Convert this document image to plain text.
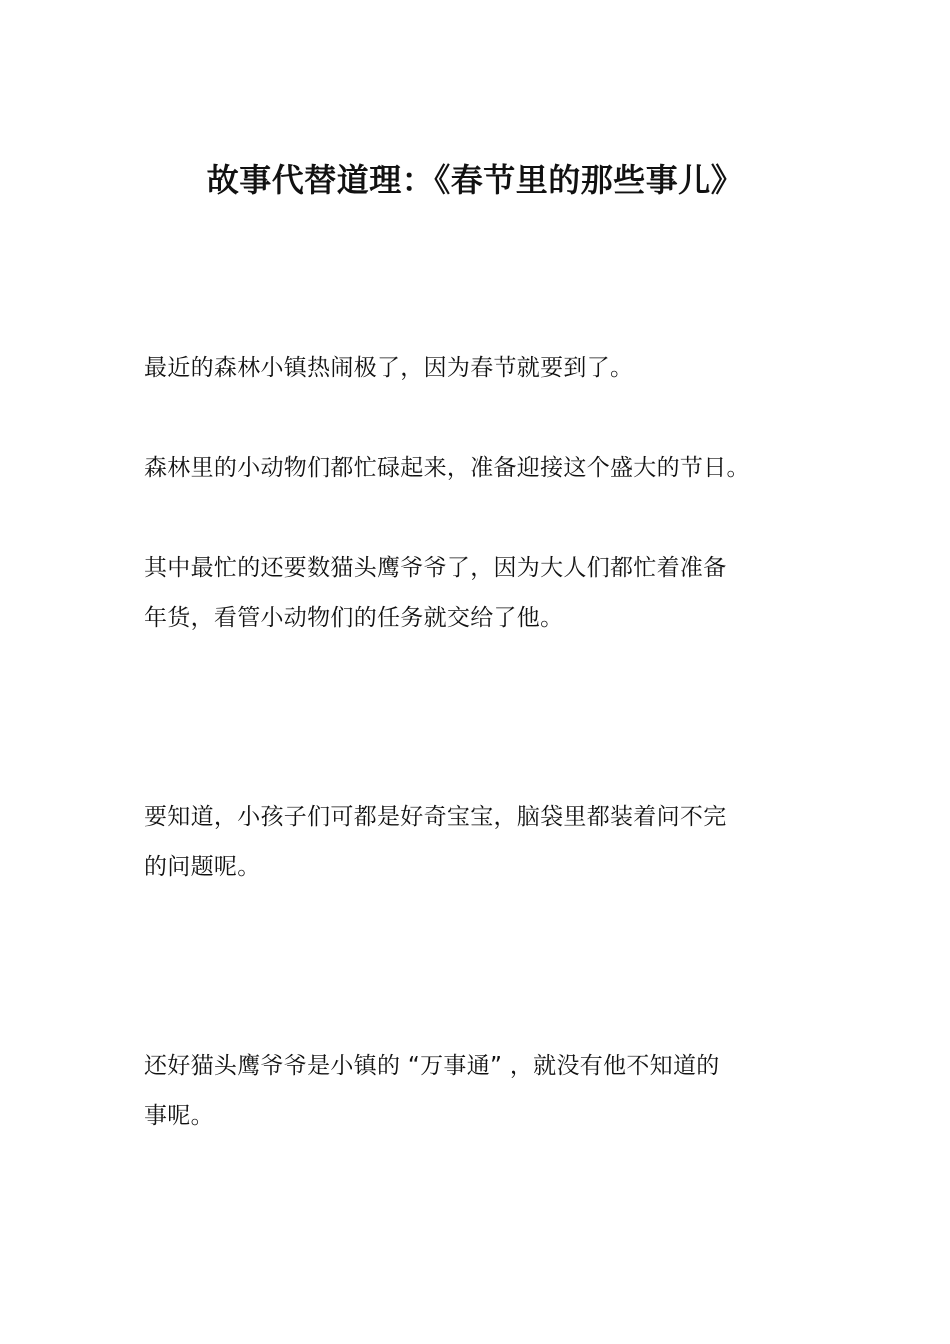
故事代替道理：《春节里的那些事儿》
最近的森林小镇热闹极了，因为春节就要到了。
森林里的小动物们都忙碌起来，准备迎接这个盛大的节日。
其中最忙的还要数猫头鹰爷爷了，因为大人们都忙着准备
年货，看管小动物们的任务就交给了他。
要知道，小孩子们可都是好奇宝宝，脑袋里都装着问不完
的问题呢。
还好猫头鹰爷爷是小镇的 “万事通” ，就没有他不知道的
事呢。
